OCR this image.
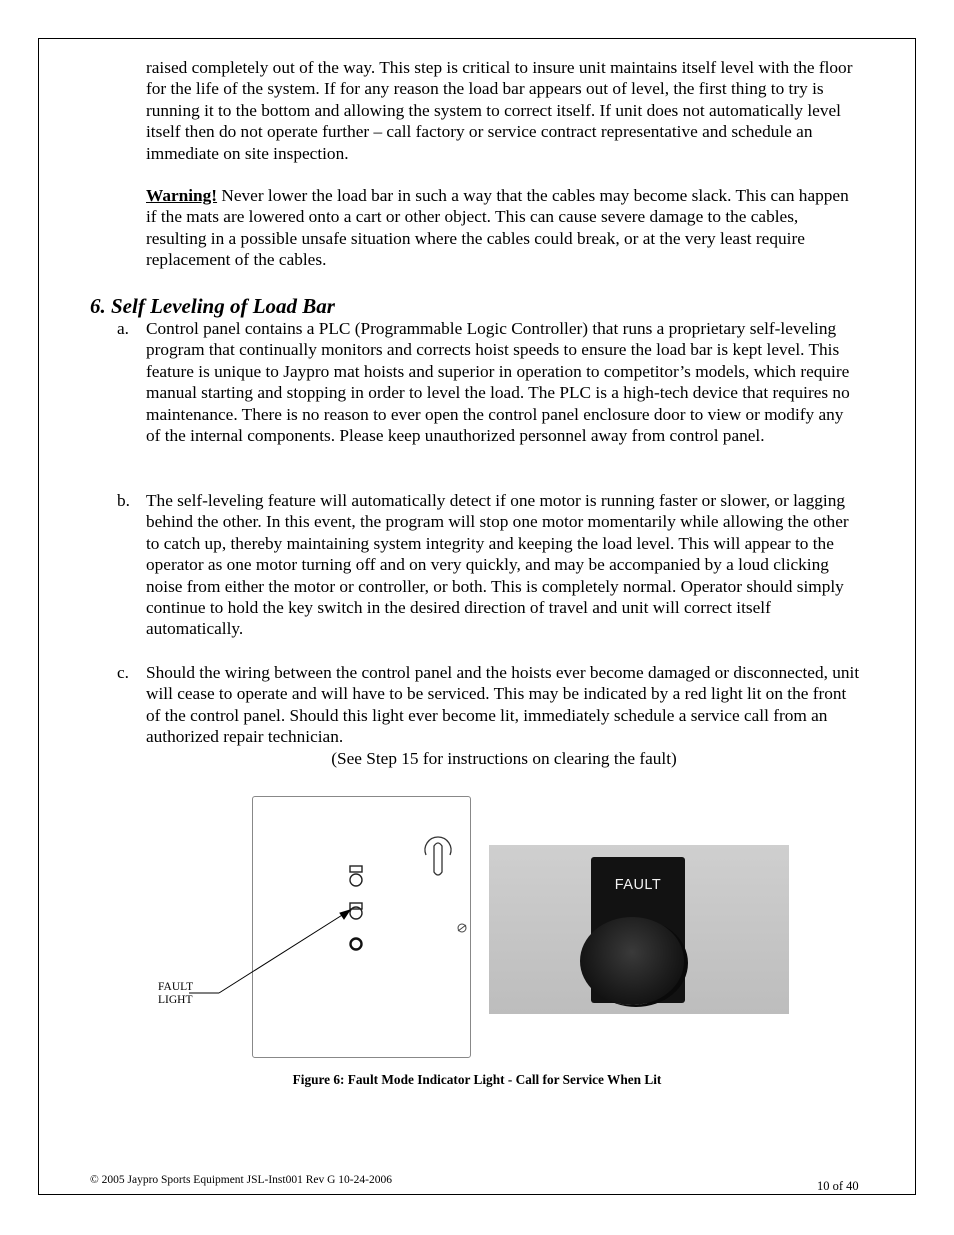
raised completely out of the way. This step is critical to insure unit maintains itself level with the floor for the life of the system. If for any reason the load bar appears out of level, the first thing to try is running it to the bottom and allowing the system to correct itself. If unit does not automatically level itself then do not operate further – call factory or service contract representative and schedule an immediate on site inspection.

Warning! Never lower the load bar in such a way that the cables may become slack. This can happen if the mats are lowered onto a cart or other object. This can cause severe damage to the cables, resulting in a possible unsafe situation where the cables could break, or at the very least require replacement of the cables.

6. Self Leveling of Load Bar
a. Control panel contains a PLC (Programmable Logic Controller) that runs a proprietary self-leveling program that continually monitors and corrects hoist speeds to ensure the load bar is kept level. This feature is unique to Jaypro mat hoists and superior in operation to competitor’s models, which require manual starting and stopping in order to level the load. The PLC is a high-tech device that requires no maintenance. There is no reason to ever open the control panel enclosure door to view or modify any of the internal components. Please keep unauthorized personnel away from control panel.

b. The self-leveling feature will automatically detect if one motor is running faster or slower, or lagging behind the other. In this event, the program will stop one motor momentarily while allowing the other to catch up, thereby maintaining system integrity and keeping the load level. This will appear to the operator as one motor turning off and on very quickly, and may be accompanied by a loud clicking noise from either the motor or controller, or both. This is completely normal. Operator should simply continue to hold the key switch in the desired direction of travel and unit will correct itself automatically.

c. Should the wiring between the control panel and the hoists ever become damaged or disconnected, unit will cease to operate and will have to be serviced. This may be indicated by a red light lit on the front of the control panel. Should this light ever become lit, immediately schedule a service call from an authorized repair technician.

(See Step 15 for instructions on clearing the fault)
FAULT
LIGHT
FAULT
Figure 6: Fault Mode Indicator Light - Call for Service When Lit
© 2005 Jaypro Sports Equipment JSL-Inst001 Rev G 10-24-2006	10 of 40
